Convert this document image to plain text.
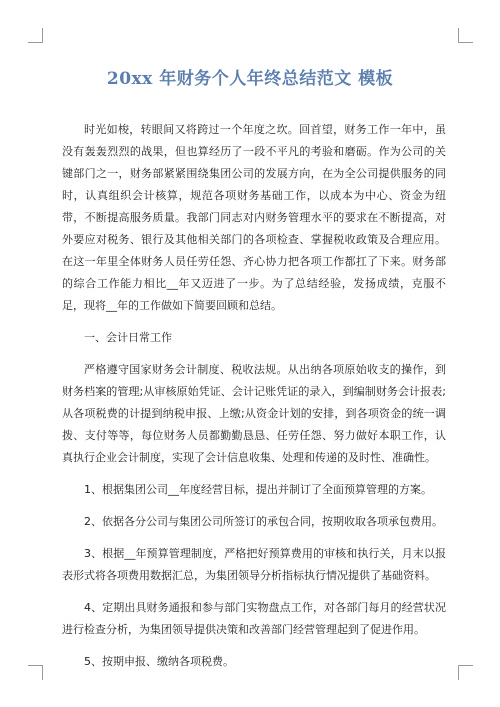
20xx 年财务个人年终总结范文 模板

时光如梭，转眼间又将跨过一个年度之坎。回首望，财务工作一年中，虽没有轰轰烈烈的战果，但也算经历了一段不平凡的考验和磨砺。作为公司的关键部门之一，财务部紧紧围绕集团公司的发展方向，在为全公司提供服务的同时，认真组织会计核算，规范各项财务基础工作，以成本为中心、资金为纽带，不断提高服务质量。我部门同志对内财务管理水平的要求在不断提高，对外要应对税务、银行及其他相关部门的各项检查、掌握税收政策及合理应用。在这一年里全体财务人员任劳任怨、齐心协力把各项工作都扛了下来。财务部的综合工作能力相比__年又迈进了一步。为了总结经验，发扬成绩，克服不足，现将__年的工作做如下简要回顾和总结。

一、会计日常工作

严格遵守国家财务会计制度、税收法规。从出纳各项原始收支的操作，到财务档案的管理;从审核原始凭证、会计记账凭证的录入，到编制财务会计报表;从各项税费的计提到纳税申报、上缴;从资金计划的安排，到各项资金的统一调拨、支付等等，每位财务人员都勤勤恳恳、任劳任怨、努力做好本职工作，认真执行企业会计制度，实现了会计信息收集、处理和传递的及时性、准确性。

1、根据集团公司__年度经营目标，提出并制订了全面预算管理的方案。

2、依据各分公司与集团公司所签订的承包合同，按期收取各项承包费用。

3、根据__年预算管理制度，严格把好预算费用的审核和执行关，月末以报表形式将各项费用数据汇总，为集团领导分析指标执行情况提供了基础资料。

4、定期出具财务通报和参与部门实物盘点工作，对各部门每月的经营状况进行检查分析，为集团领导提供决策和改善部门经营管理起到了促进作用。

5、按期申报、缴纳各项税费。
